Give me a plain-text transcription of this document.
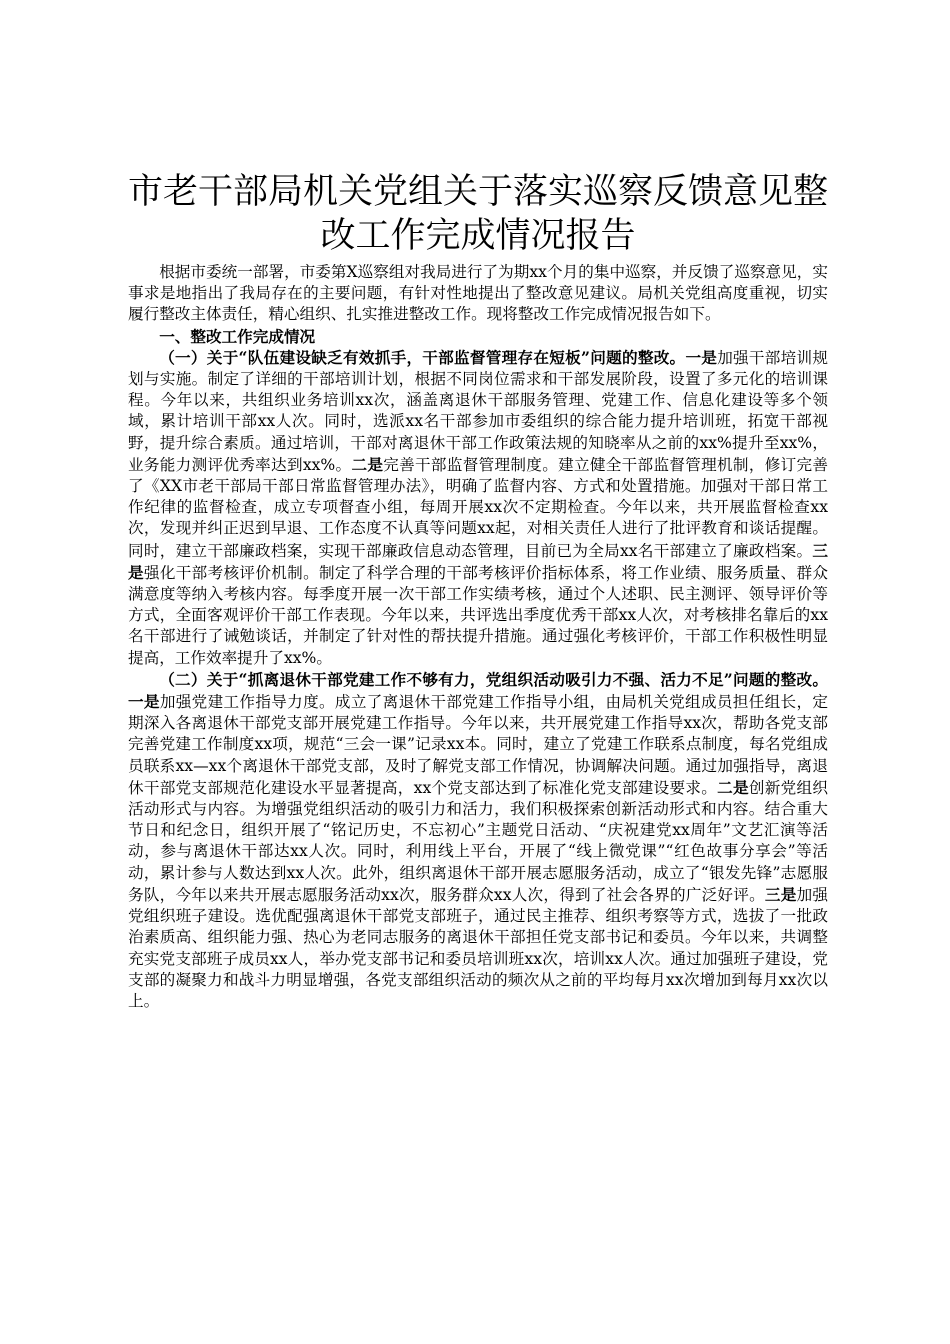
市老干部局机关党组关于落实巡察反馈意见整改工作完成情况报告

根据市委统一部署，市委第Ⅹ巡察组对我局进行了为期xx个月的集中巡察，并反馈了巡察意见，实事求是地指出了我局存在的主要问题，有针对性地提出了整改意见建议。局机关党组高度重视，切实履行整改主体责任，精心组织、扎实推进整改工作。现将整改工作完成情况报告如下。

一、整改工作完成情况

（一）关于“队伍建设缺乏有效抓手，干部监督管理存在短板”问题的整改。一是加强干部培训规划与实施。制定了详细的干部培训计划，根据不同岗位需求和干部发展阶段，设置了多元化的培训课程。今年以来，共组织业务培训xx次，涵盖离退休干部服务管理、党建工作、信息化建设等多个领域，累计培训干部xx人次。同时，选派xx名干部参加市委组织的综合能力提升培训班，拓宽干部视野，提升综合素质。通过培训，干部对离退休干部工作政策法规的知晓率从之前的xx%提升至xx%，业务能力测评优秀率达到xx%。二是完善干部监督管理制度。建立健全干部监督管理机制，修订完善了《XX市老干部局干部日常监督管理办法》，明确了监督内容、方式和处置措施。加强对干部日常工作纪律的监督检查，成立专项督查小组，每周开展xx次不定期检查。今年以来，共开展监督检查xx次，发现并纠正迟到早退、工作态度不认真等问题xx起，对相关责任人进行了批评教育和谈话提醒。同时，建立干部廉政档案，实现干部廉政信息动态管理，目前已为全局xx名干部建立了廉政档案。三是强化干部考核评价机制。制定了科学合理的干部考核评价指标体系，将工作业绩、服务质量、群众满意度等纳入考核内容。每季度开展一次干部工作实绩考核，通过个人述职、民主测评、领导评价等方式，全面客观评价干部工作表现。今年以来，共评选出季度优秀干部xx人次，对考核排名靠后的xx名干部进行了诫勉谈话，并制定了针对性的帮扶提升措施。通过强化考核评价，干部工作积极性明显提高，工作效率提升了xx%。

（二）关于“抓离退休干部党建工作不够有力，党组织活动吸引力不强、活力不足”问题的整改。一是加强党建工作指导力度。成立了离退休干部党建工作指导小组，由局机关党组成员担任组长，定期深入各离退休干部党支部开展党建工作指导。今年以来，共开展党建工作指导xx次，帮助各党支部完善党建工作制度xx项，规范“三会一课”记录xx本。同时，建立了党建工作联系点制度，每名党组成员联系xx—xx个离退休干部党支部，及时了解党支部工作情况，协调解决问题。通过加强指导，离退休干部党支部规范化建设水平显著提高，xx个党支部达到了标准化党支部建设要求。二是创新党组织活动形式与内容。为增强党组织活动的吸引力和活力，我们积极探索创新活动形式和内容。结合重大节日和纪念日，组织开展了“铭记历史，不忘初心”主题党日活动、“庆祝建党xx周年”文艺汇演等活动，参与离退休干部达xx人次。同时，利用线上平台，开展了“线上微党课”“红色故事分享会”等活动，累计参与人数达到xx人次。此外，组织离退休干部开展志愿服务活动，成立了“银发先锋”志愿服务队，今年以来共开展志愿服务活动xx次，服务群众xx人次，得到了社会各界的广泛好评。三是加强党组织班子建设。选优配强离退休干部党支部班子，通过民主推荐、组织考察等方式，选拔了一批政治素质高、组织能力强、热心为老同志服务的离退休干部担任党支部书记和委员。今年以来，共调整充实党支部班子成员xx人，举办党支部书记和委员培训班xx次，培训xx人次。通过加强班子建设，党支部的凝聚力和战斗力明显增强，各党支部组织活动的频次从之前的平均每月xx次增加到每月xx次以上。
